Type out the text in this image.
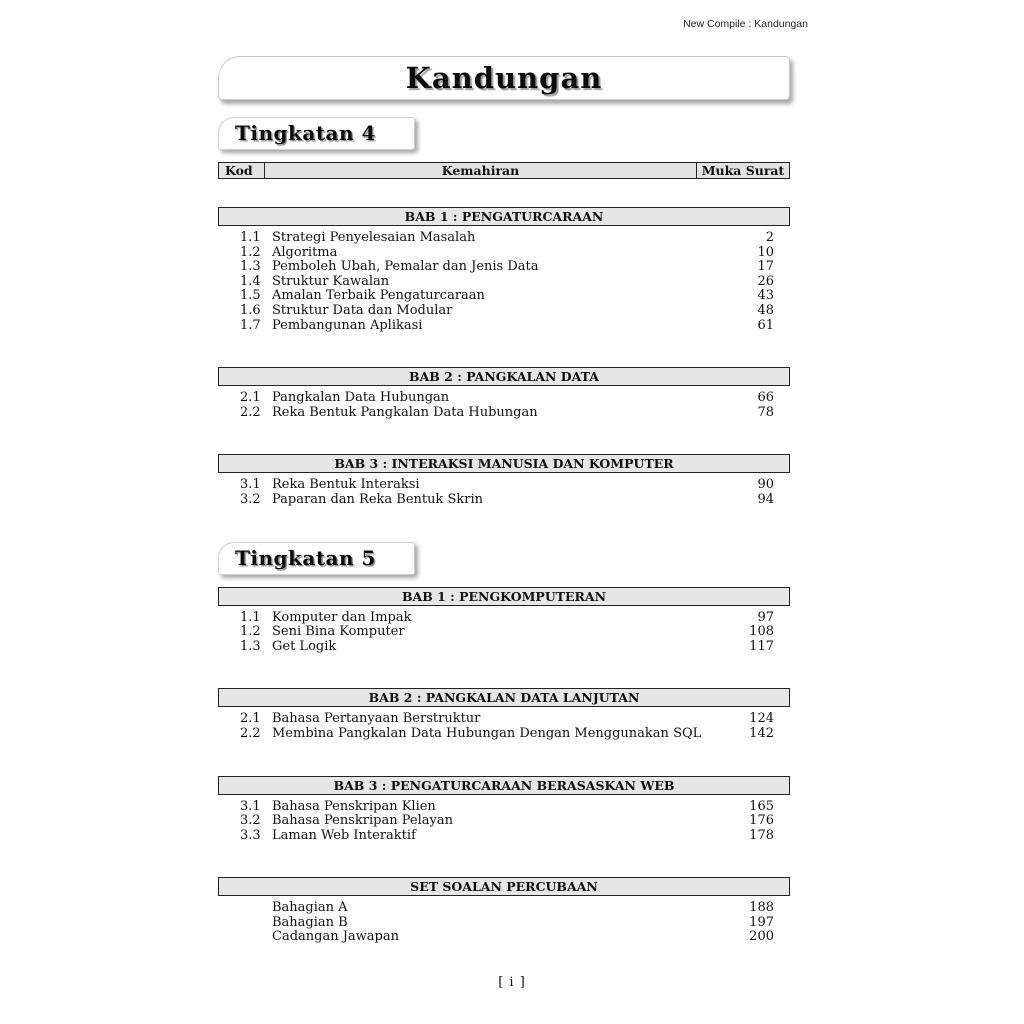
New Compile : Kandungan
Kandungan
Tingkatan 4
Kod	Kemahiran	Muka Surat
BAB 1 : PENGATURCARAAN
1.1 Strategi Penyelesaian Masalah	2
1.2 Algoritma	10
1.3 Pemboleh Ubah, Pemalar dan Jenis Data	17
1.4 Struktur Kawalan	26
1.5 Amalan Terbaik Pengaturcaraan	43
1.6 Struktur Data dan Modular	48
1.7 Pembangunan Aplikasi	61
BAB 2 : PANGKALAN DATA
2.1 Pangkalan Data Hubungan	66
2.2 Reka Bentuk Pangkalan Data Hubungan	78
BAB 3 : INTERAKSI MANUSIA DAN KOMPUTER
3.1 Reka Bentuk Interaksi	90
3.2 Paparan dan Reka Bentuk Skrin	94
Tingkatan 5
BAB 1 : PENGKOMPUTERAN
1.1 Komputer dan Impak	97
1.2 Seni Bina Komputer	108
1.3 Get Logik	117
BAB 2 : PANGKALAN DATA LANJUTAN
2.1 Bahasa Pertanyaan Berstruktur	124
2.2 Membina Pangkalan Data Hubungan Dengan Menggunakan SQL	142
BAB 3 : PENGATURCARAAN BERASASKAN WEB
3.1 Bahasa Penskripan Klien	165
3.2 Bahasa Penskripan Pelayan	176
3.3 Laman Web Interaktif	178
SET SOALAN PERCUBAAN
Bahagian A	188
Bahagian B	197
Cadangan Jawapan	200
[ i ]
